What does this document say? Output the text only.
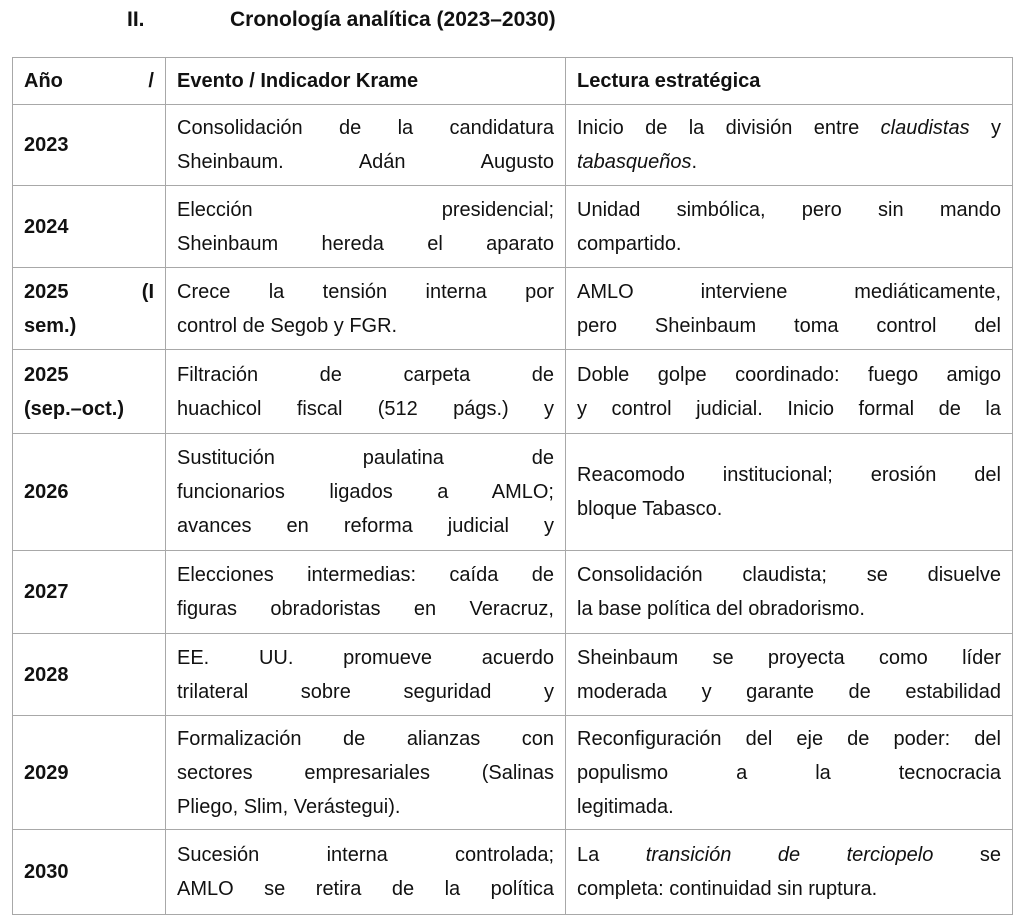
II.	Cronología analítica (2023–2030)
Año /	Evento / Indicador Krame	Lectura estratégica

2023	Consolidación de la candidatura
Sheinbaum. Adán Augusto	Inicio de la división entre claudistas y
tabasqueños.

2024	Elección presidencial;
Sheinbaum hereda el aparato	Unidad simbólica, pero sin mando
compartido.

2025 (I
sem.)	Crece la tensión interna por
control de Segob y FGR.	AMLO interviene mediáticamente,
pero Sheinbaum toma control del

2025
(sep.–oct.)	Filtración de carpeta de
huachicol fiscal (512 págs.) y	Doble golpe coordinado: fuego amigo
y control judicial. Inicio formal de la

2026	Sustitución paulatina de
funcionarios ligados a AMLO;
avances en reforma judicial y	Reacomodo institucional; erosión del
bloque Tabasco.

2027	Elecciones intermedias: caída de
figuras obradoristas en Veracruz,	Consolidación claudista; se disuelve
la base política del obradorismo.

2028	EE. UU. promueve acuerdo
trilateral sobre seguridad y	Sheinbaum se proyecta como líder
moderada y garante de estabilidad

2029	Formalización de alianzas con
sectores empresariales (Salinas
Pliego, Slim, Verástegui).	Reconfiguración del eje de poder: del
populismo a la tecnocracia
legitimada.

2030	Sucesión interna controlada;
AMLO se retira de la política	La transición de terciopelo se
completa: continuidad sin ruptura.
